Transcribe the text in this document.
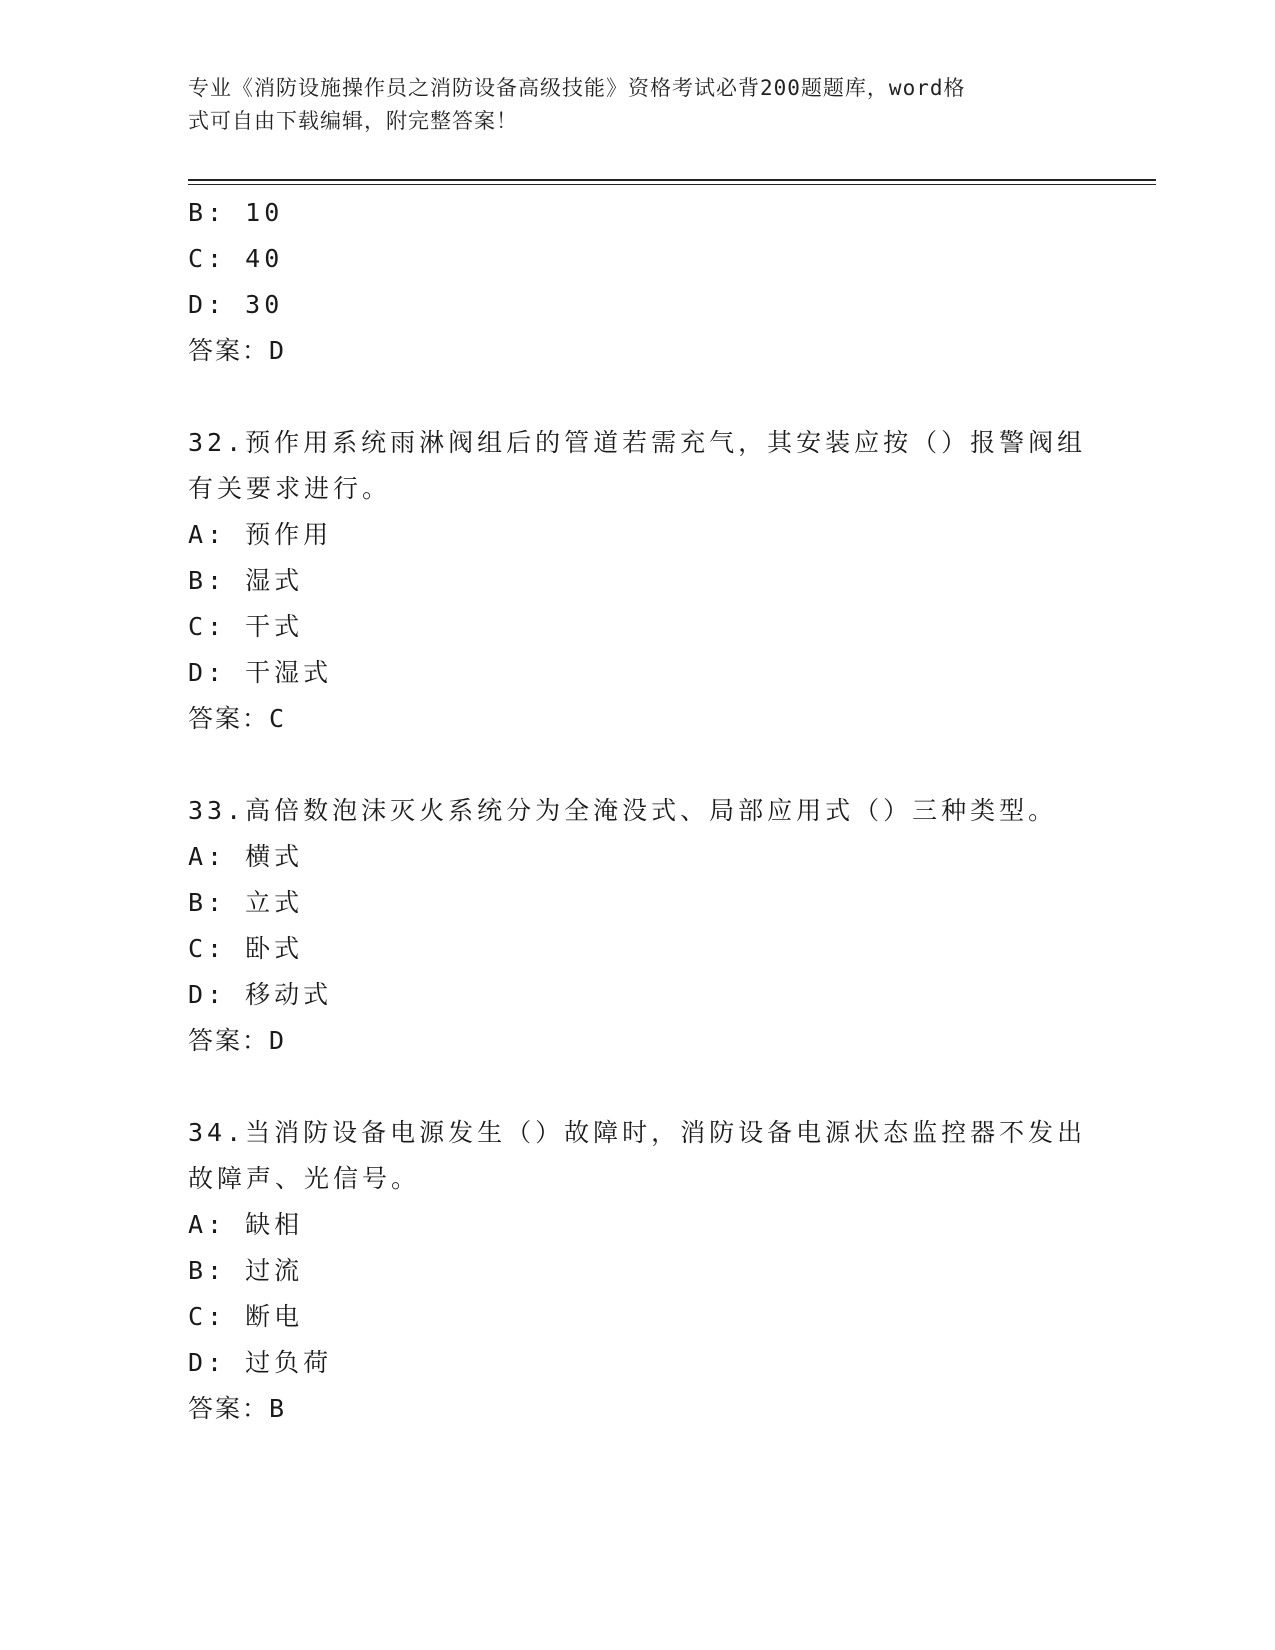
专业《消防设施操作员之消防设备高级技能》资格考试必背200题题库，word格
式可自由下载编辑，附完整答案！
B: 10
C: 40
D: 30
答案：D
32.预作用系统雨淋阀组后的管道若需充气，其安装应按（）报警阀组
有关要求进行。
A: 预作用
B: 湿式
C: 干式
D: 干湿式
答案：C
33.高倍数泡沫灭火系统分为全淹没式、局部应用式（）三种类型。
A: 横式
B: 立式
C: 卧式
D: 移动式
答案：D
34.当消防设备电源发生（）故障时，消防设备电源状态监控器不发出
故障声、光信号。
A: 缺相
B: 过流
C: 断电
D: 过负荷
答案：B
